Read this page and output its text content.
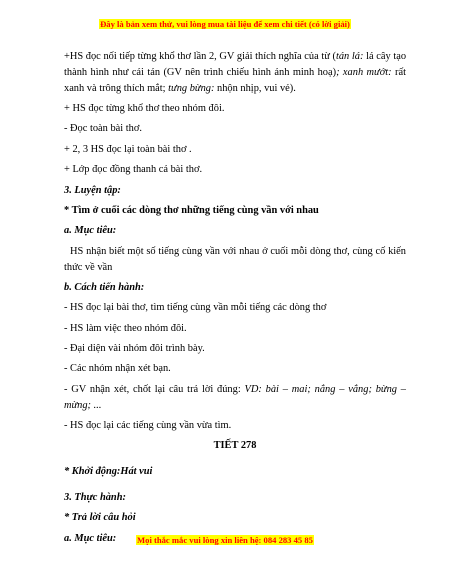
Đây là bản xem thử, vui lòng mua tài liệu để xem chi tiết (có lời giải)

+HS đọc nối tiếp từng khổ thơ lần 2, GV giải thích nghĩa của từ (tán lá: lá cây tạo thành hình như cái tán (GV nên trình chiếu hình ảnh minh hoạ); xanh mướt: rất xanh và trông thích mắt; tưng bừng: nhộn nhịp, vui vẻ).

+ HS đọc từng khổ thơ theo nhóm đôi.

- Đọc toàn bài thơ.

+ 2, 3 HS đọc lại toàn bài thơ .

+ Lớp đọc đồng thanh cả bài thơ.

3. Luyện tập:

* Tìm ở cuối các dòng thơ những tiếng cùng vần với nhau

a. Mục tiêu:

HS nhận biết một số tiếng cùng vần với nhau ở cuối mỗi dòng thơ, cùng cố kiến thức về vần

b. Cách tiến hành:

- HS đọc lại bài thơ, tìm tiếng cùng vần mỗi tiếng các dòng thơ

- HS làm việc theo nhóm đôi.

- Đại diện vài nhóm đôi trình bày.

- Các nhóm nhận xét bạn.

- GV nhận xét, chốt lại câu trả lời đúng: VD: bài – mai; nắng – vắng; bừng – mừng; ...

- HS đọc lại các tiếng cùng vần vừa tìm.

TIẾT 278

* Khởi động:Hát vui

3. Thực hành:

* Trả lời câu hỏi

a. Mục tiêu:	Mọi thắc mắc vui lòng xin liên hệ: 084 283 45 85
